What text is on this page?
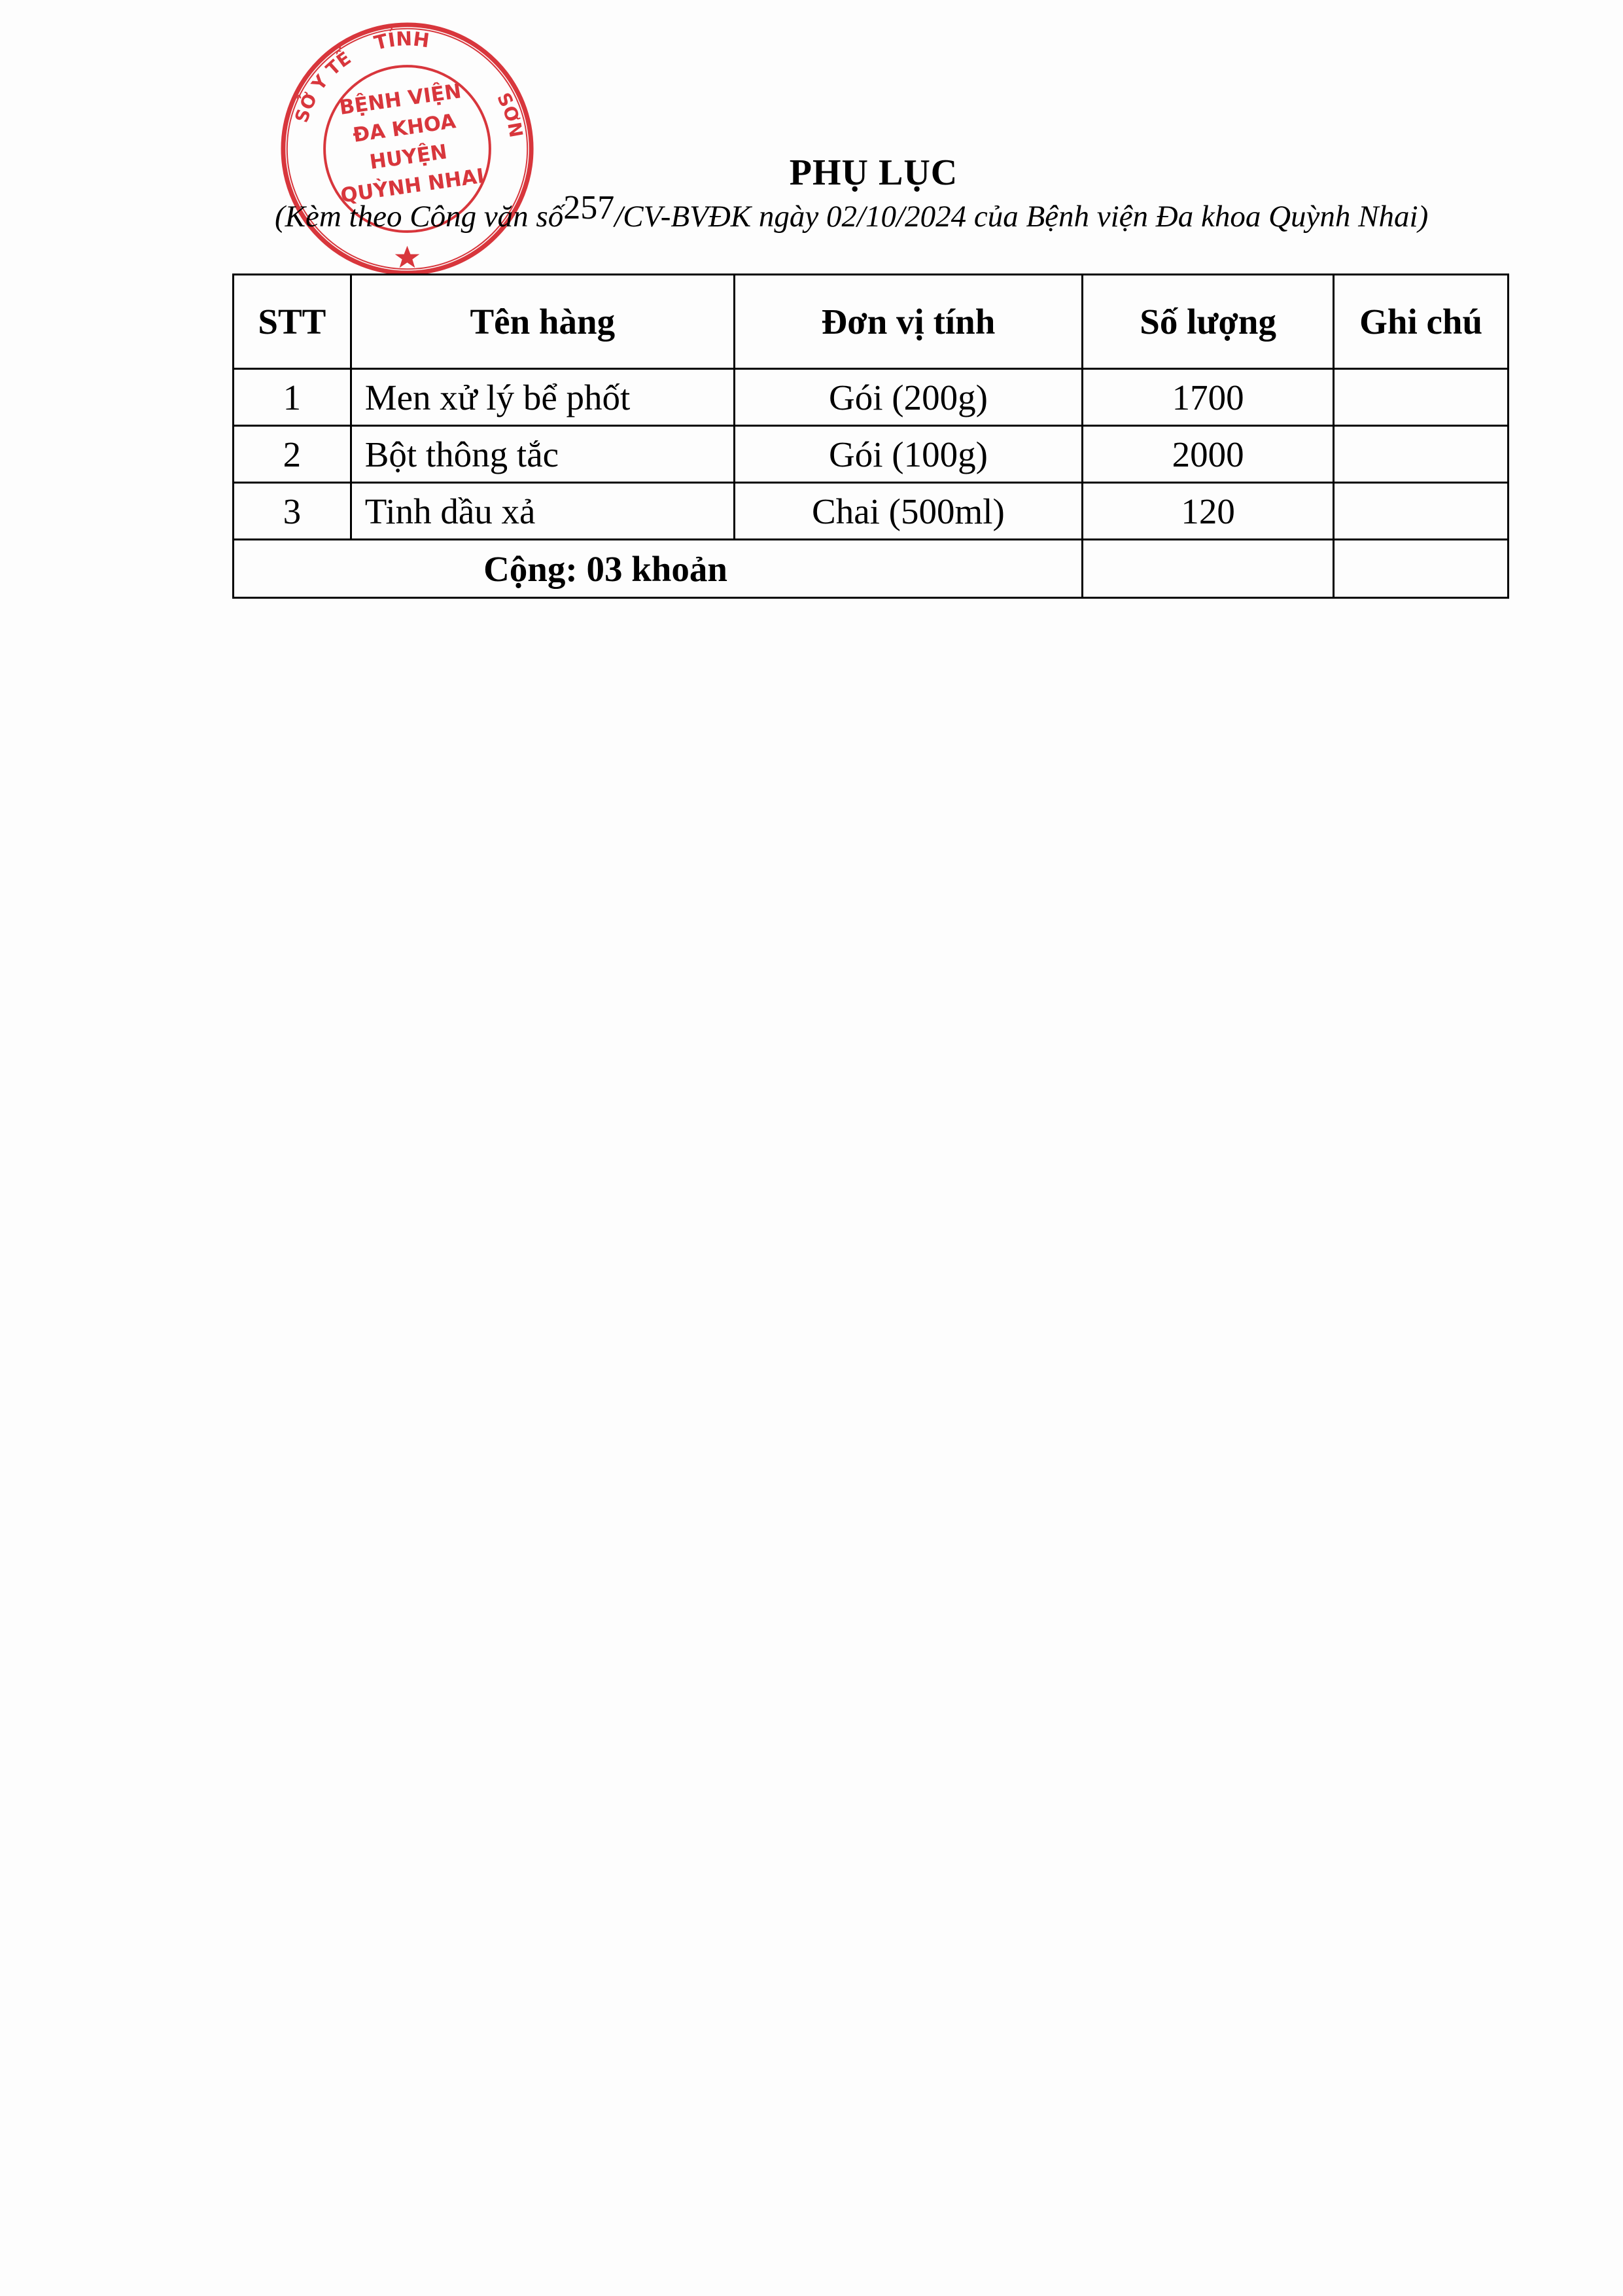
TỈNH
SỞ Y TẾ
SƠN
BỆNH VIỆN
ĐA KHOA
HUYỆN
QUỲNH NHAI	PHỤ LỤC
(Kèm theo Công văn số257/CV-BVĐK ngày 02/10/2024 của Bệnh viện Đa khoa Quỳnh Nhai)
STT	Tên hàng	Đơn vị tính	Số lượng	Ghi chú
1	Men xử lý bể phốt	Gói (200g)	1700	
2	Bột thông tắc	Gói (100g)	2000	
3	Tinh dầu xả	Chai (500ml)	120	
Cộng: 03 khoản				
